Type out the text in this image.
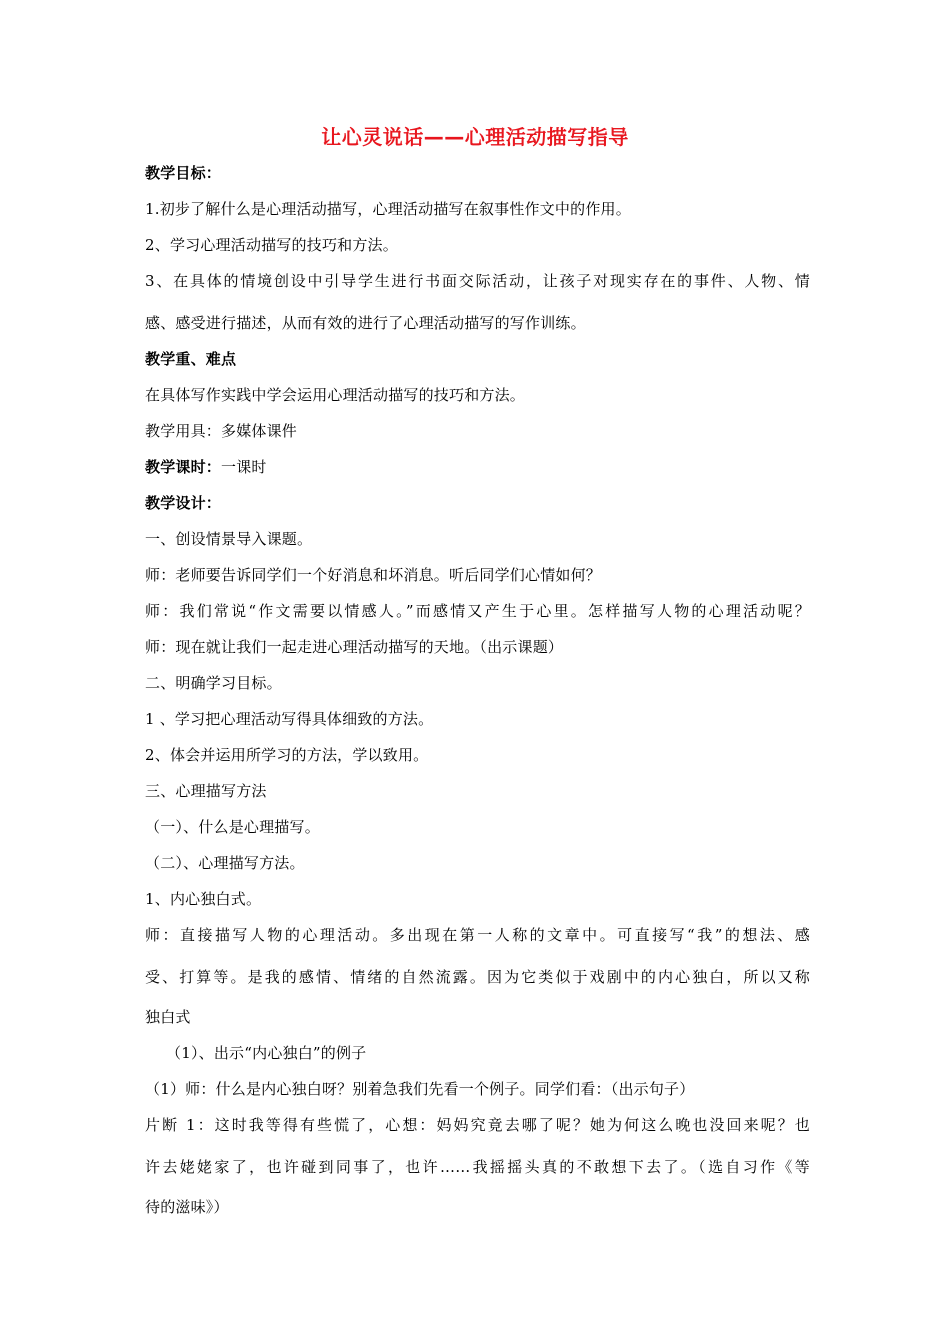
让心灵说话——心理活动描写指导
教学目标：
1.初步了解什么是心理活动描写，心理活动描写在叙事性作文中的作用。
2、学习心理活动描写的技巧和方法。
3、在具体的情境创设中引导学生进行书面交际活动，让孩子对现实存在的事件、人物、情
感、感受进行描述，从而有效的进行了心理活动描写的写作训练。
教学重、难点
在具体写作实践中学会运用心理活动描写的技巧和方法。
教学用具：多媒体课件
教学课时：一课时
教学设计：
一、创设情景导入课题。
师：老师要告诉同学们一个好消息和坏消息。听后同学们心情如何？
师：我们常说“作文需要以情感人。”而感情又产生于心里。怎样描写人物的心理活动呢？
师：现在就让我们一起走进心理活动描写的天地。（出示课题）
二、明确学习目标。
1 、学习把心理活动写得具体细致的方法。
2、体会并运用所学习的方法，学以致用。
三、心理描写方法
（一）、什么是心理描写。
（二）、心理描写方法。
1、内心独白式。
师：直接描写人物的心理活动。多出现在第一人称的文章中。可直接写“我”的想法、感
受、打算等。是我的感情、情绪的自然流露。因为它类似于戏剧中的内心独白，所以又称
独白式
（1）、出示“内心独白”的例子
（1）师：什么是内心独白呀？别着急我们先看一个例子。同学们看：（出示句子）
片断 1：这时我等得有些慌了，心想：妈妈究竟去哪了呢？她为何这么晚也没回来呢？也
许去姥姥家了，也许碰到同事了，也许……我摇摇头真的不敢想下去了。（选自习作《等
待的滋味》）
